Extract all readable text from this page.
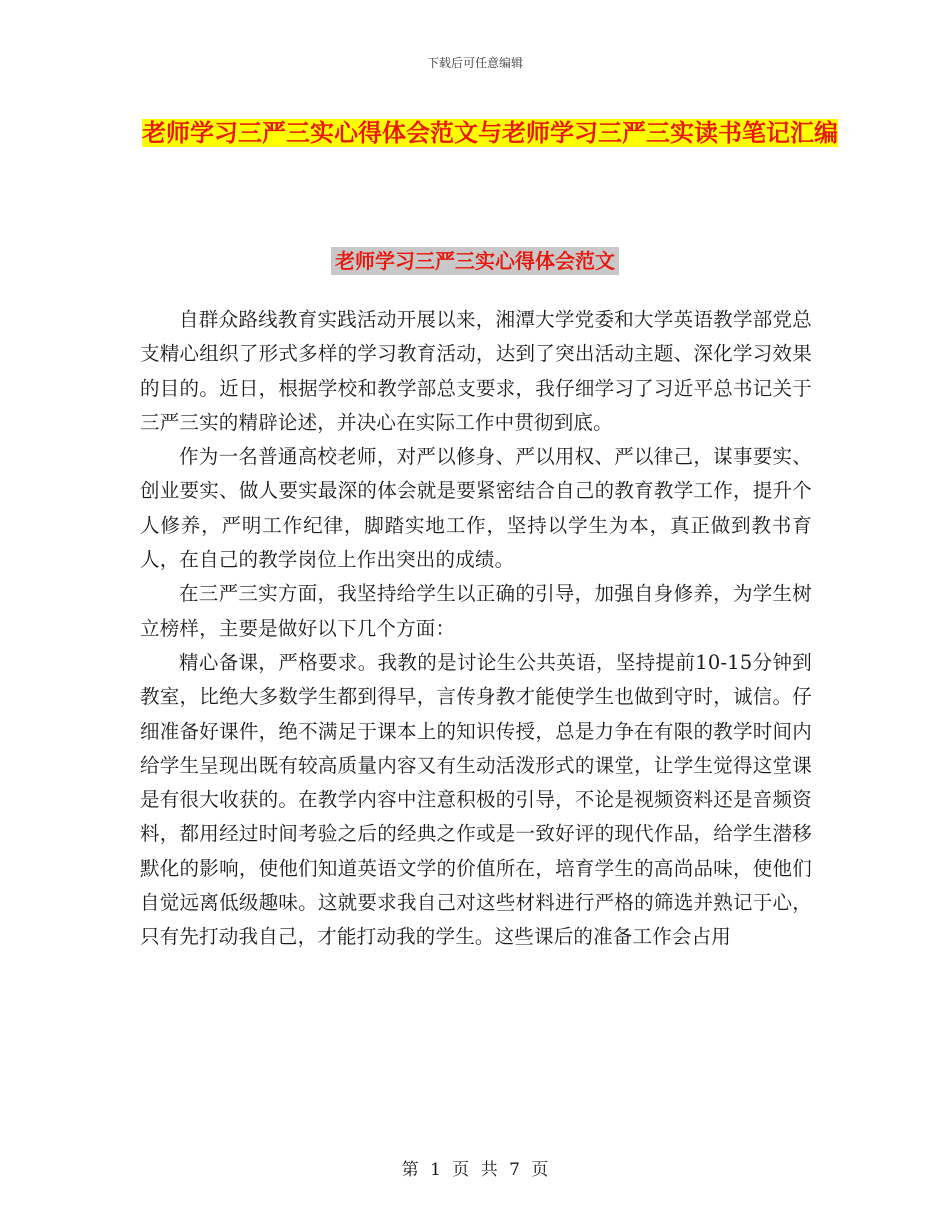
下载后可任意编辑
老师学习三严三实心得体会范文与老师学习三严三实读书笔记汇编
老师学习三严三实心得体会范文

自群众路线教育实践活动开展以来，湘潭大学党委和大学英语教学部党总支精心组织了形式多样的学习教育活动，达到了突出活动主题、深化学习效果的目的。近日，根据学校和教学部总支要求，我仔细学习了习近平总书记关于三严三实的精辟论述，并决心在实际工作中贯彻到底。

作为一名普通高校老师，对严以修身、严以用权、严以律己，谋事要实、创业要实、做人要实最深的体会就是要紧密结合自己的教育教学工作，提升个人修养，严明工作纪律，脚踏实地工作，坚持以学生为本，真正做到教书育人，在自己的教学岗位上作出突出的成绩。

在三严三实方面，我坚持给学生以正确的引导，加强自身修养，为学生树立榜样，主要是做好以下几个方面：

精心备课，严格要求。我教的是讨论生公共英语，坚持提前10-15分钟到教室，比绝大多数学生都到得早，言传身教才能使学生也做到守时，诚信。仔细准备好课件，绝不满足于课本上的知识传授，总是力争在有限的教学时间内给学生呈现出既有较高质量内容又有生动活泼形式的课堂，让学生觉得这堂课是有很大收获的。在教学内容中注意积极的引导，不论是视频资料还是音频资料，都用经过时间考验之后的经典之作或是一致好评的现代作品，给学生潜移默化的影响，使他们知道英语文学的价值所在，培育学生的高尚品味，使他们自觉远离低级趣味。这就要求我自己对这些材料进行严格的筛选并熟记于心，只有先打动我自己，才能打动我的学生。这些课后的准备工作会占用

第 1 页 共 7 页
